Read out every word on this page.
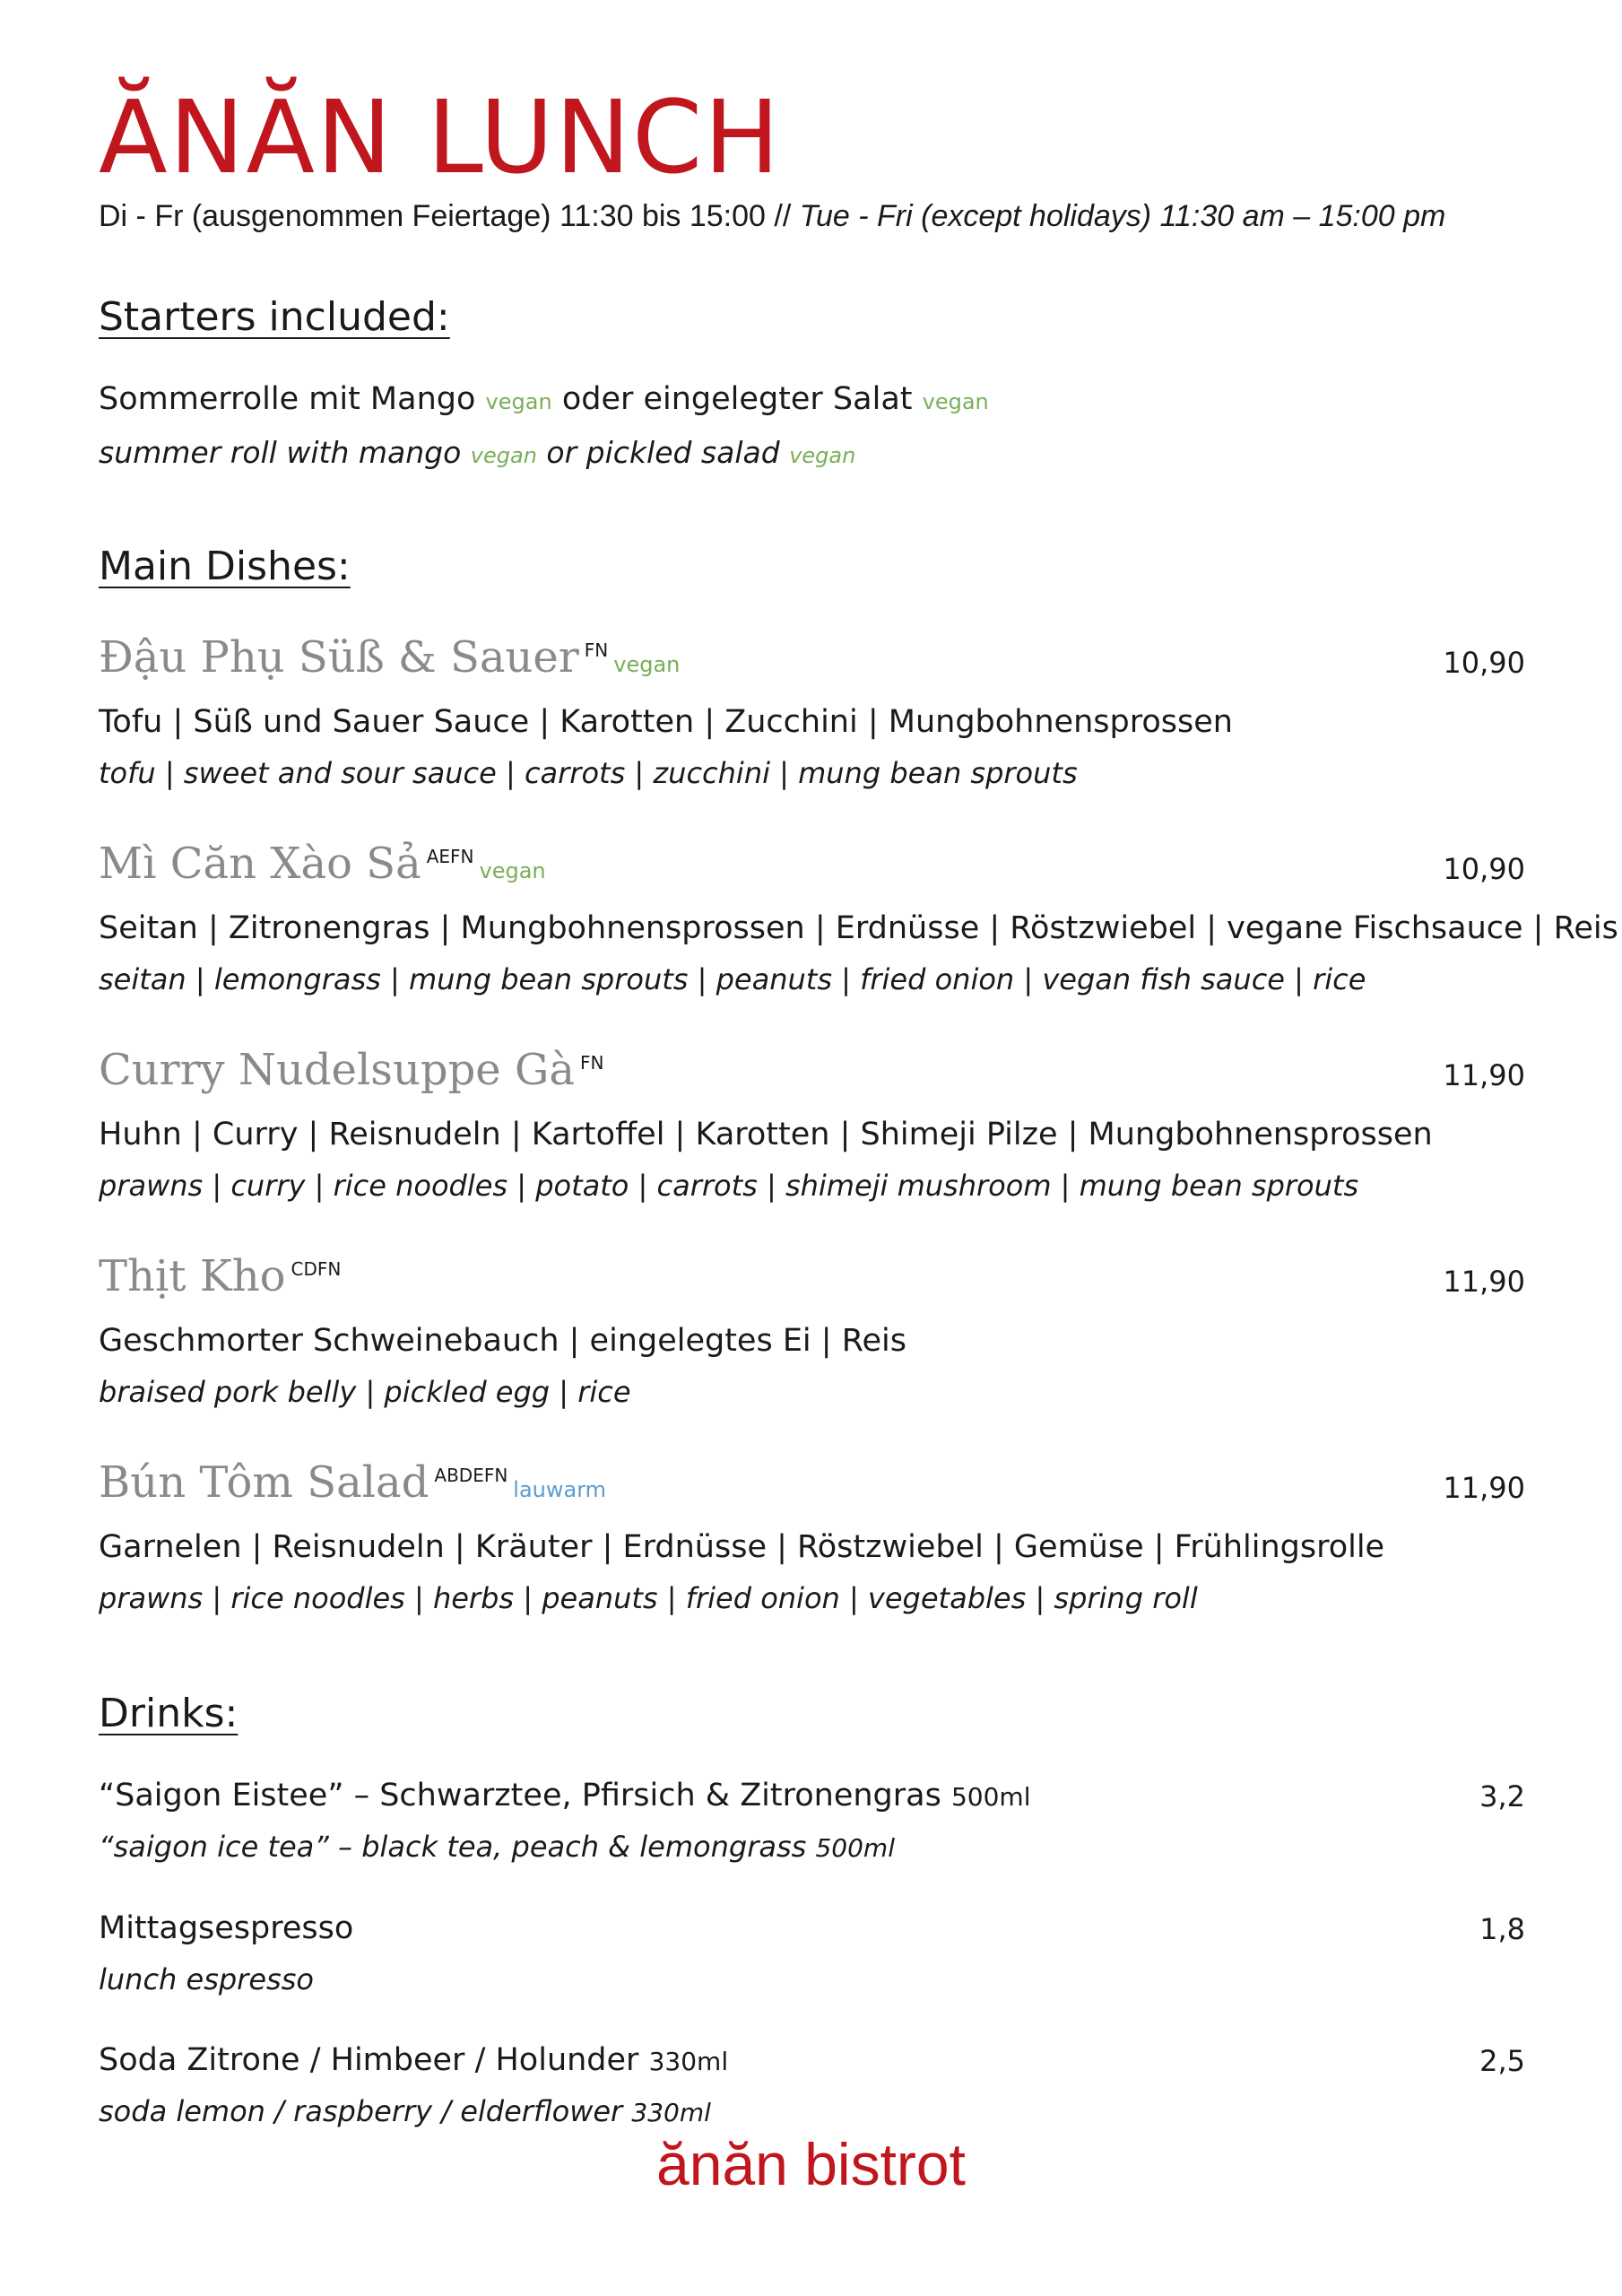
ĂNĂN LUNCH
Di - Fr (ausgenommen Feiertage) 11:30 bis 15:00 // Tue - Fri (except holidays) 11:30 am – 15:00 pm
Starters included:
Sommerrolle mit Mango vegan oder eingelegter Salat vegan
summer roll with mango vegan or pickled salad vegan
Main Dishes:
Đậu Phụ Süß & Sauer $^{FN}$vegan	10,90
Tofu | Süß und Sauer Sauce | Karotten | Zucchini | Mungbohnensprossen
tofu | sweet and sour sauce | carrots | zucchini | mung bean sprouts
Mì Căn Xào Sả $^{AEFN}$vegan	10,90
Seitan | Zitronengras | Mungbohnensprossen | Erdnüsse | Röstzwiebel | vegane Fischsauce | Reis
seitan | lemongrass | mung bean sprouts | peanuts | fried onion | vegan fish sauce | rice
Curry Nudelsuppe Gà $^{FN}$	11,90
Huhn | Curry | Reisnudeln | Kartoffel | Karotten | Shimeji Pilze | Mungbohnensprossen
prawns | curry | rice noodles | potato | carrots | shimeji mushroom | mung bean sprouts
Thịt Kho $^{CDFN}$	11,90
Geschmorter Schweinebauch | eingelegtes Ei | Reis
braised pork belly | pickled egg | rice
Bún Tôm Salad $^{ABDEFN}$lauwarm	11,90
Garnelen | Reisnudeln | Kräuter | Erdnüsse | Röstzwiebel | Gemüse | Frühlingsrolle
prawns | rice noodles | herbs | peanuts | fried onion | vegetables | spring roll
Drinks:
“Saigon Eistee” – Schwarztee, Pfirsich & Zitronengras 500ml	3,2
“saigon ice tea” – black tea, peach & lemongrass 500ml
Mittagsespresso	1,8
lunch espresso
Soda Zitrone / Himbeer / Holunder 330ml	2,5
soda lemon / raspberry / elderflower 330ml
ănăn bistrot
